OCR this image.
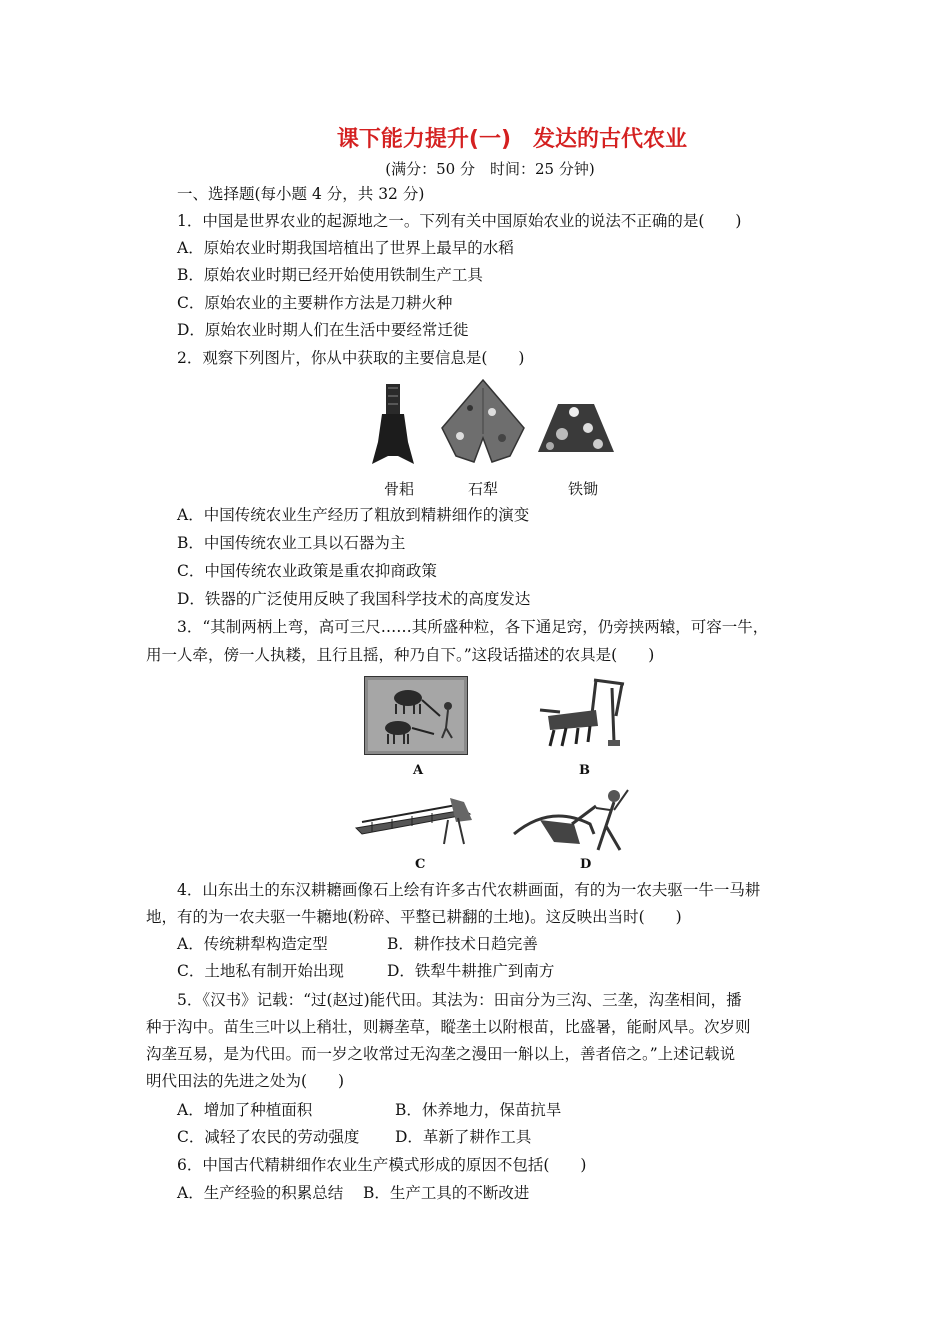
课下能力提升(一) 发达的古代农业
(满分：50 分　时间：25 分钟)
一、选择题(每小题 4 分，共 32 分)
1．中国是世界农业的起源地之一。下列有关中国原始农业的说法不正确的是(　　)
A．原始农业时期我国培植出了世界上最早的水稻
B．原始农业时期已经开始使用铁制生产工具
C．原始农业的主要耕作方法是刀耕火种
D．原始农业时期人们在生活中要经常迁徙
2．观察下列图片，你从中获取的主要信息是(　　)
骨耜	石犁	铁锄
A．中国传统农业生产经历了粗放到精耕细作的演变
B．中国传统农业工具以石器为主
C．中国传统农业政策是重农抑商政策
D．铁器的广泛使用反映了我国科学技术的高度发达
3．“其制两柄上弯，高可三尺……其所盛种粒，各下通足窍，仍旁挟两辕，可容一牛，
用一人牵，傍一人执耧，且行且摇，种乃自下。”这段话描述的农具是(　　)
A	B
C	D
4．山东出土的东汉耕耱画像石上绘有许多古代农耕画面，有的为一农夫驱一牛一马耕
地，有的为一农夫驱一牛耱地(粉碎、平整已耕翻的土地)。这反映出当时(　　)
A．传统耕犁构造定型	B．耕作技术日趋完善
C．土地私有制开始出现	D．铁犁牛耕推广到南方
5．《汉书》记载：“过(赵过)能代田。其法为：田亩分为三沟、三垄，沟垄相间，播
种于沟中。苗生三叶以上稍壮，则耨垄草，瞛垄土以附根苗，比盛暑，能耐风旱。次岁则
沟垄互易，是为代田。而一岁之收常过无沟垄之漫田一斛以上，善者倍之。”上述记载说
明代田法的先进之处为(　　)
A．增加了种植面积	B．休养地力，保苗抗旱
C．减轻了农民的劳动强度 D．革新了耕作工具
6．中国古代精耕细作农业生产模式形成的原因不包括(　　)
A．生产经验的积累总结 B．生产工具的不断改进
